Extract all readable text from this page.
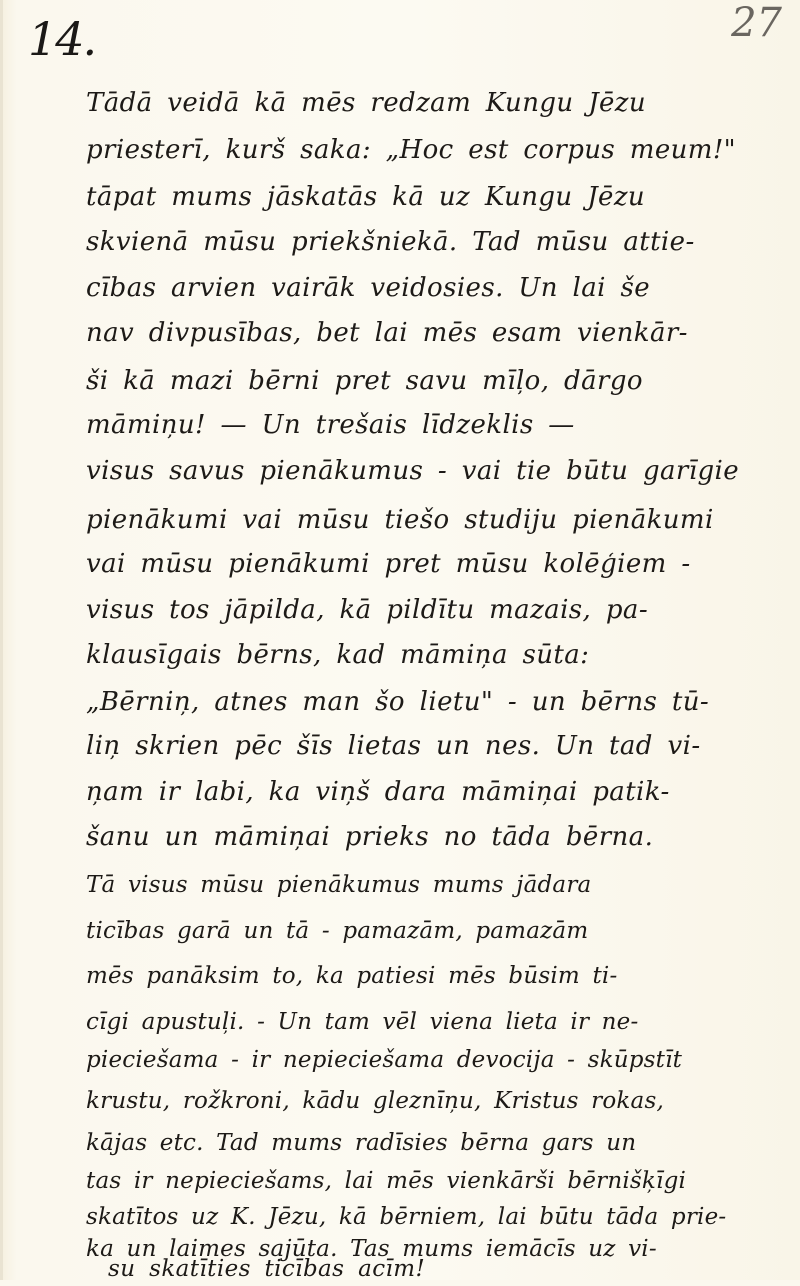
14.	27
Tādā veidā kā mēs redzam Kungu Jēzu
priesterī, kurš saka: „Hoc est corpus meum!"
tāpat mums jāskatās kā uz Kungu Jēzu
skvienā mūsu priekšniekā. Tad mūsu attie-
cības arvien vairāk veidosies. Un lai še
nav divpusības, bet lai mēs esam vienkār-
ši kā mazi bērni pret savu mīļo, dārgo
māmiņu! — Un trešais līdzeklis —
visus savus pienākumus - vai tie būtu garīgie
pienākumi vai mūsu tiešo studiju pienākumi
vai mūsu pienākumi pret mūsu kolēģiem -
visus tos jāpilda, kā pildītu mazais, pa-
klausīgais bērns, kad māmiņa sūta:
„Bērniņ, atnes man šo lietu" - un bērns tū-
liņ skrien pēc šīs lietas un nes. Un tad vi-
ņam ir labi, ka viņš dara māmiņai patik-
šanu un māmiņai prieks no tāda bērna.
Tā visus mūsu pienākumus mums jādara
ticības garā un tā - pamazām, pamazām
mēs panāksim to, ka patiesi mēs būsim ti-
cīgi apustuļi. - Un tam vēl viena lieta ir ne-
pieciešama - ir nepieciešama devocija - skūpstīt
krustu, rožkroni, kādu gleznīņu, Kristus rokas,
kājas etc. Tad mums radīsies bērna gars un
tas ir nepieciešams, lai mēs vienkārši bērnišķīgi
skatītos uz K. Jēzu, kā bērniem, lai būtu tāda prie-
ka un laimes sajūta. Tas mums iemācīs uz vi-
su skatīties ticības acīm!
